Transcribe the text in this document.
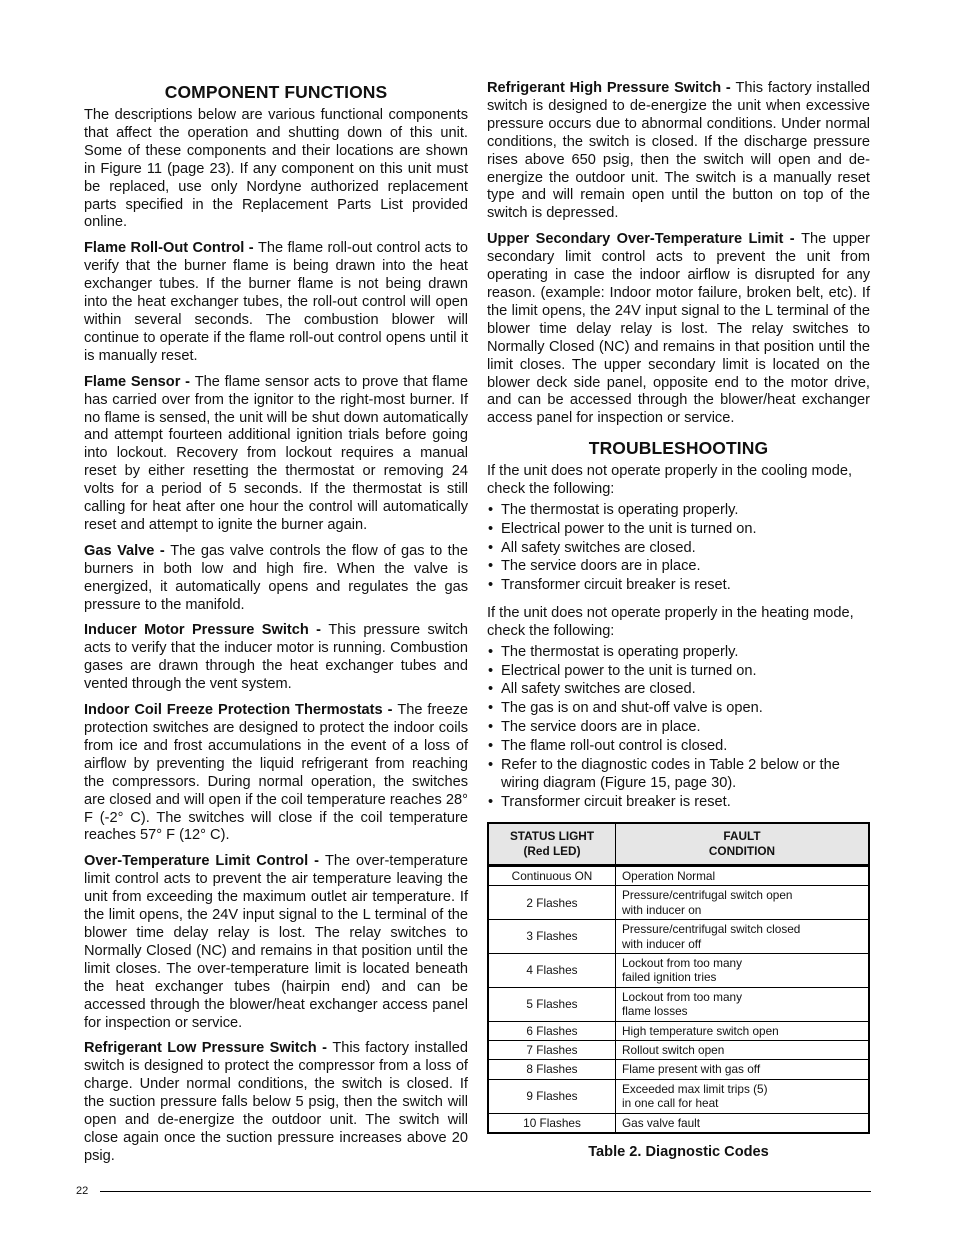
COMPONENT FUNCTIONS
The descriptions below are various functional components that affect the operation and shutting down of this unit. Some of these components and their locations are shown in Figure 11 (page 23). If any component on this unit must be replaced, use only Nordyne authorized replacement parts specified in the Replacement Parts List provided online.
Flame Roll-Out Control - The flame roll-out control acts to verify that the burner flame is being drawn into the heat exchanger tubes. If the burner flame is not being drawn into the heat exchanger tubes, the roll-out control will open within several seconds. The combustion blower will continue to operate if the flame roll-out control opens until it is manually reset.
Flame Sensor - The flame sensor acts to prove that flame has carried over from the ignitor to the right-most burner. If no flame is sensed, the unit will be shut down automatically and attempt fourteen additional ignition trials before going into lockout. Recovery from lockout requires a manual reset by either resetting the thermostat or removing 24 volts for a period of 5 seconds. If the thermostat is still calling for heat after one hour the control will automatically reset and attempt to ignite the burner again.
Gas Valve - The gas valve controls the flow of gas to the burners in both low and high fire. When the valve is energized, it automatically opens and regulates the gas pressure to the manifold.
Inducer Motor Pressure Switch - This pressure switch acts to verify that the inducer motor is running. Combustion gases are drawn through the heat exchanger tubes and vented through the vent system.
Indoor Coil Freeze Protection Thermostats - The freeze protection switches are designed to protect the indoor coils from ice and frost accumulations in the event of a loss of airflow by preventing the liquid refrigerant from reaching the compressors. During normal operation, the switches are closed and will open if the coil temperature reaches 28° F (-2° C). The switches will close if the coil temperature reaches 57° F (12° C).
Over-Temperature Limit Control - The over-temperature limit control acts to prevent the air temperature leaving the unit from exceeding the maximum outlet air temperature. If the limit opens, the 24V input signal to the L terminal of the blower time delay relay is lost. The relay switches to Normally Closed (NC) and remains in that position until the limit closes. The over-temperature limit is located beneath the heat exchanger tubes (hairpin end) and can be accessed through the blower/heat exchanger access panel for inspection or service.
Refrigerant Low Pressure Switch - This factory installed switch is designed to protect the compressor from a loss of charge. Under normal conditions, the switch is closed. If the suction pressure falls below 5 psig, then the switch will open and de-energize the outdoor unit. The switch will close again once the suction pressure increases above 20 psig.
Refrigerant High Pressure Switch - This factory installed switch is designed to de-energize the unit when excessive pressure occurs due to abnormal conditions. Under normal conditions, the switch is closed. If the discharge pressure rises above 650 psig, then the switch will open and de-energize the outdoor unit. The switch is a manually reset type and will remain open until the button on top of the switch is depressed.
Upper Secondary Over-Temperature Limit - The upper secondary limit control acts to prevent the unit from operating in case the indoor airflow is disrupted for any reason. (example: Indoor motor failure, broken belt, etc). If the limit opens, the 24V input signal to the L terminal of the blower time delay relay is lost. The relay switches to Normally Closed (NC) and remains in that position until the limit closes. The upper secondary limit is located on the blower deck side panel, opposite end to the motor drive, and can be accessed through the blower/heat exchanger access panel for inspection or service.
TROUBLESHOOTING
If the unit does not operate properly in the cooling mode, check the following:
• The thermostat is operating properly.
• Electrical power to the unit is turned on.
• All safety switches are closed.
• The service doors are in place.
• Transformer circuit breaker is reset.
If the unit does not operate properly in the heating mode, check the following:
• The thermostat is operating properly.
• Electrical power to the unit is turned on.
• All safety switches are closed.
• The gas is on and shut-off valve is open.
• The service doors are in place.
• The flame roll-out control is closed.
• Refer to the diagnostic codes in Table 2 below or the wiring diagram (Figure 15, page 30).
• Transformer circuit breaker is reset.
STATUS LIGHT
(Red LED)	FAULT
CONDITION
Continuous ON	Operation Normal
2 Flashes	Pressure/centrifugal switch open
with inducer on
3 Flashes	Pressure/centrifugal switch closed
with inducer off
4 Flashes	Lockout from too many
failed ignition tries
5 Flashes	Lockout from too many
flame losses
6 Flashes	High temperature switch open
7 Flashes	Rollout switch open
8 Flashes	Flame present with gas off
9 Flashes	Exceeded max limit trips (5)
in one call for heat
10 Flashes	Gas valve fault
Table 2. Diagnostic Codes
22
